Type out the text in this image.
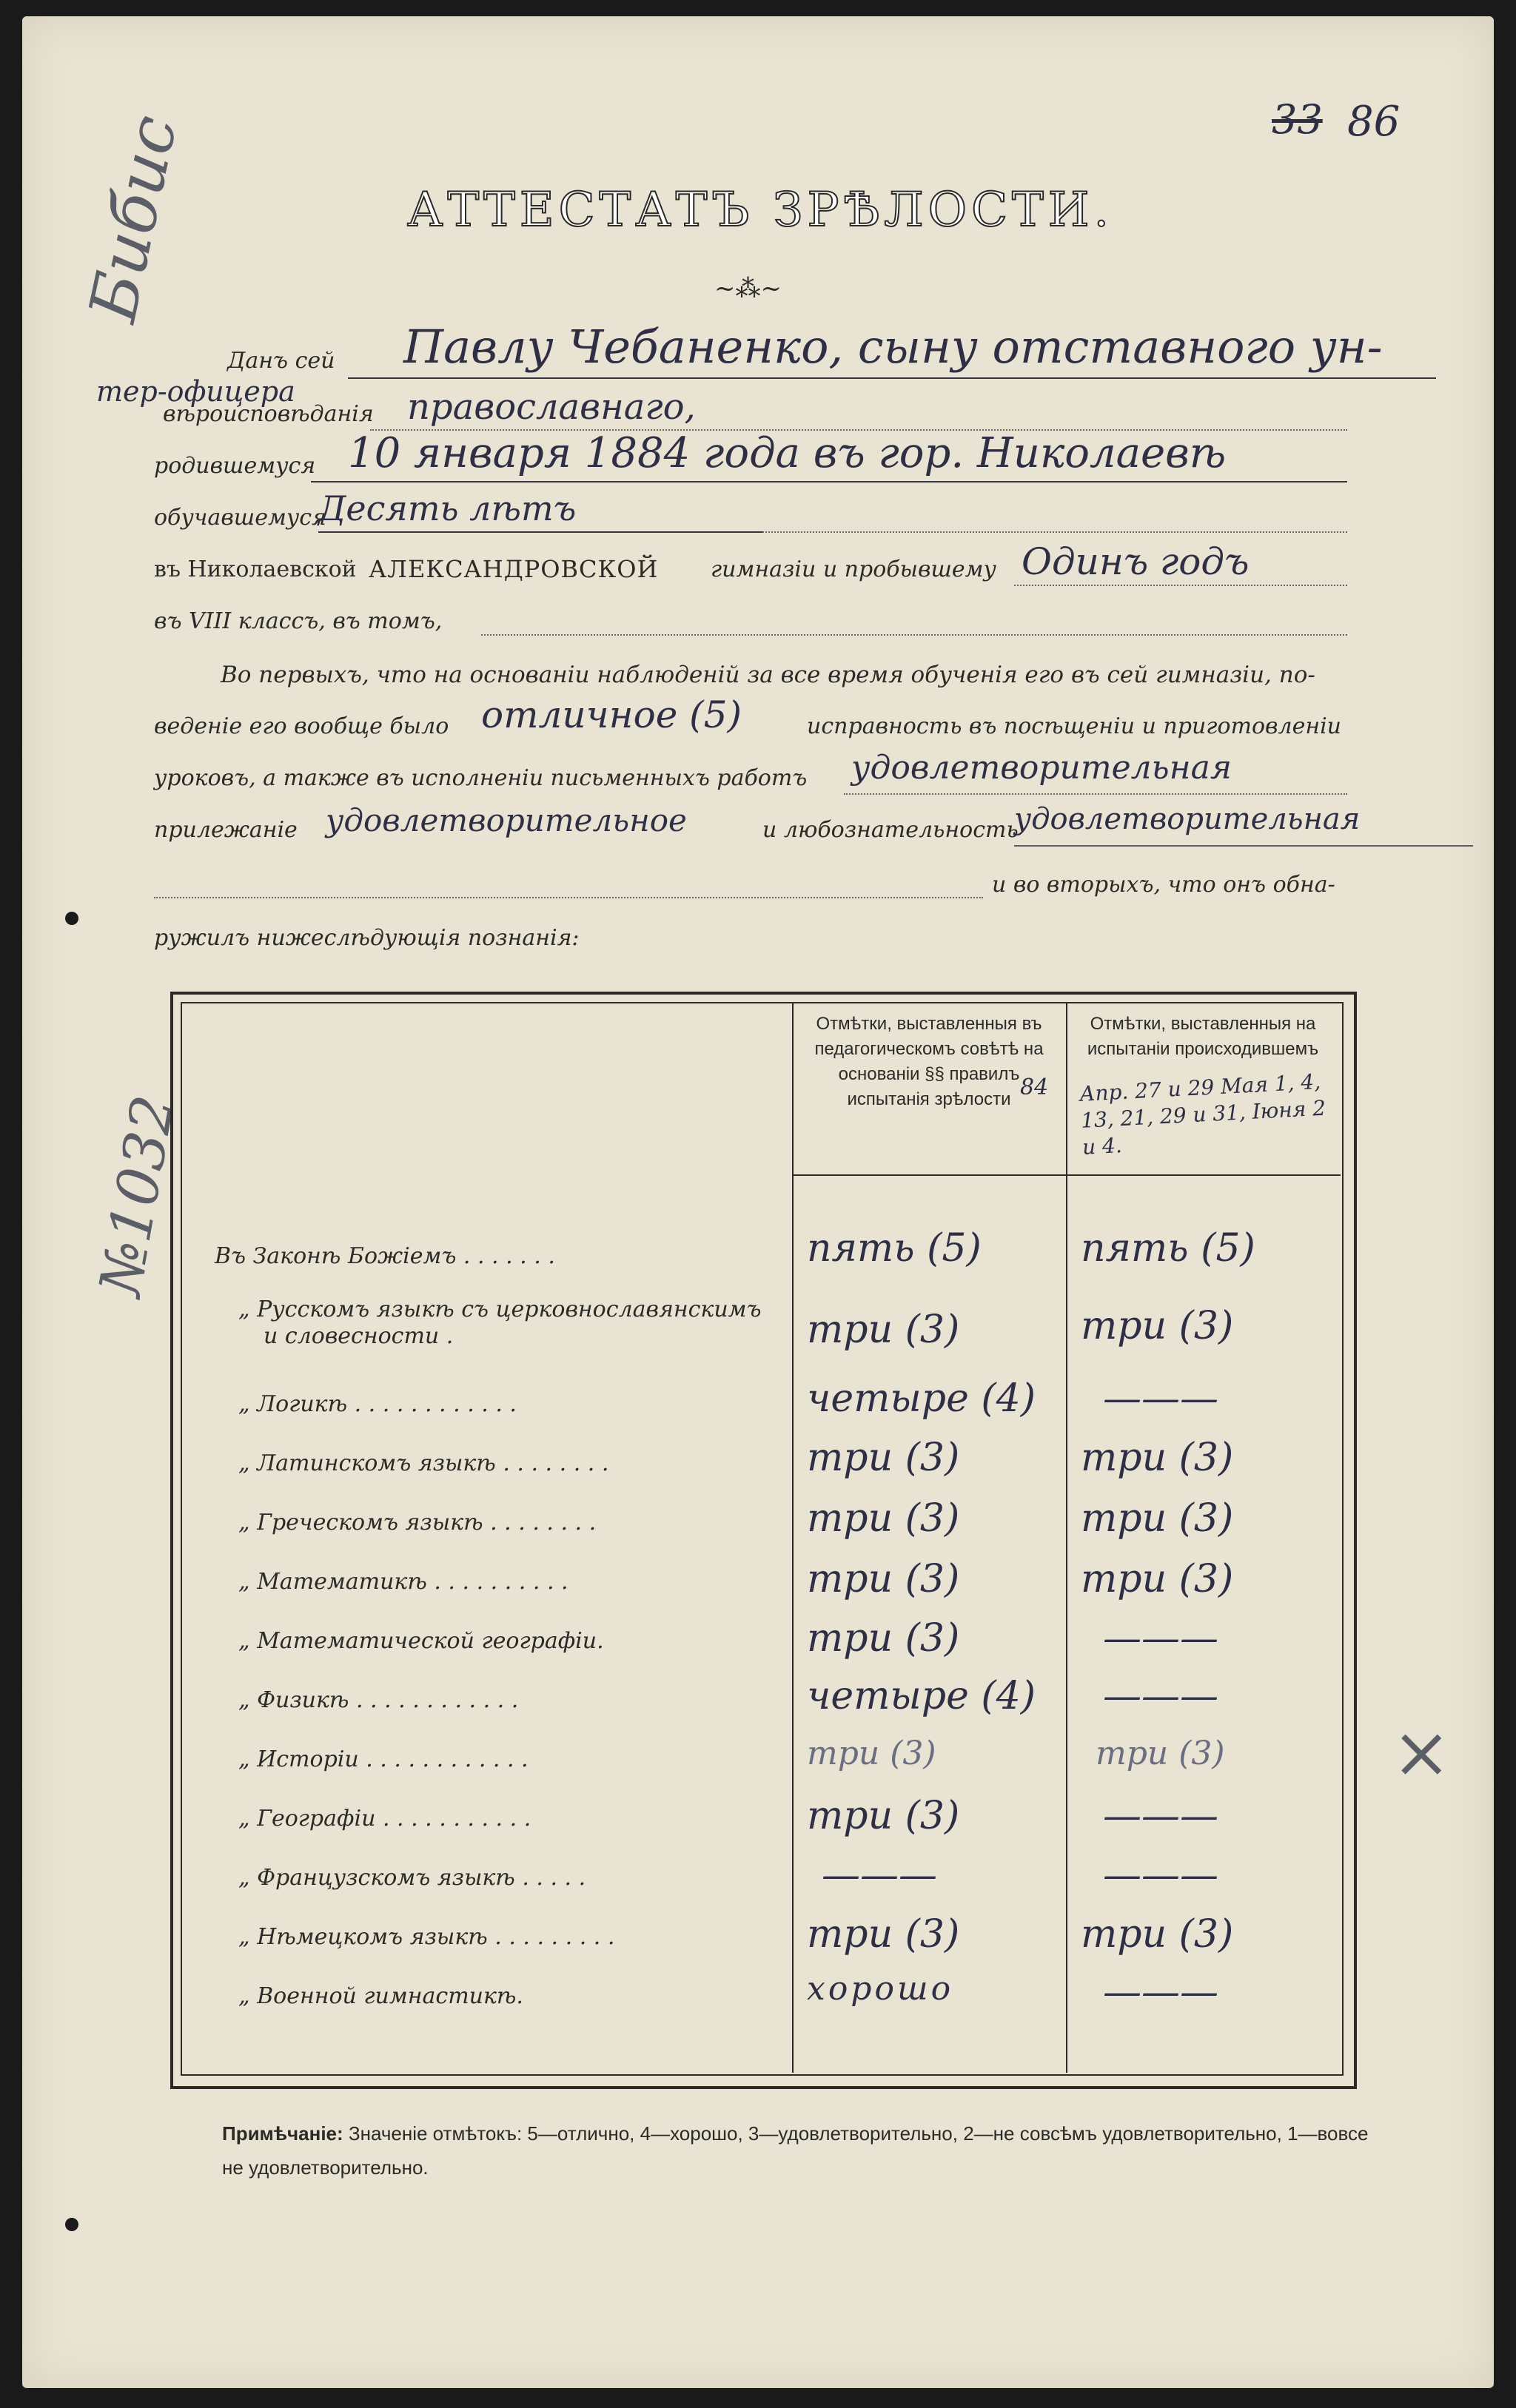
33 86
Бибис
№1032
АТТЕСТАТЪ ЗРѢЛОСТИ.
~⁂~
Данъ сей Павлу Чебаненко, сыну отставного ун-
тер-офицера
вѣроисповѣданія православнаго,
родившемуся 10 января 1884 года въ гор. Николаевѣ
обучавшемуся
Десять лѣтъ
въ Николаевской АЛЕКСАНДРОВСКОЙ гимназіи и пробывшему Одинъ годъ
въ VIII классъ, въ томъ,
Во первыхъ, что на основаніи наблюденій за все время обученія его въ сей гимназіи, по-
веденіе его вообще было отличное (5)	исправность въ посѣщеніи и приготовленіи
уроковъ, а также въ исполненіи письменныхъ работъ удовлетворительная
прилежаніе удовлетворительное	и любознательность
удовлетворительная
и во вторыхъ, что онъ обна-
ружилъ нижеслѣдующія познанія:
Отмѣтки, выставленныя въ педагогическомъ совѣтѣ на основаніи §§ правилъ испытанія зрѣлости 84
Отмѣтки, выставленныя на испытаніи происходившемъ
Апр. 27 и 29 Мая 1, 4, 13, 21, 29 и 31, Іюня 2 и 4.
Въ Законѣ Божіемъ . . . . . . .	пять (5)	пять (5)
„ Русскомъ языкѣ съ церковнославянскимъ
и словесности .	три (3)	три (3)
„ Логикѣ . . . . . . . . . . . .	четыре (4) ———
„ Латинскомъ языкѣ . . . . . . . .	три (3)	три (3)
„ Греческомъ языкѣ . . . . . . . .	три (3)	три (3)
„ Математикѣ . . . . . . . . . .	три (3)	три (3)
„ Математической географіи.	три (3)	———
„ Физикѣ . . . . . . . . . . . .	четыре (4) ———
„ Исторіи . . . . . . . . . . . .	три (3)	три (3)
„ Географіи . . . . . . . . . . .	три (3)	———
„ Французскомъ языкѣ . . . . .	———	———
„ Нѣмецкомъ языкѣ . . . . . . . . .	три (3)	три (3)
„ Военной гимнастикѣ.	хорошо	———
×
Примѣчаніе: Значеніе отмѣтокъ: 5—отлично, 4—хорошо, 3—удовлетворительно, 2—не совсѣмъ удовлетворительно, 1—вовсе не удовлетворительно.
